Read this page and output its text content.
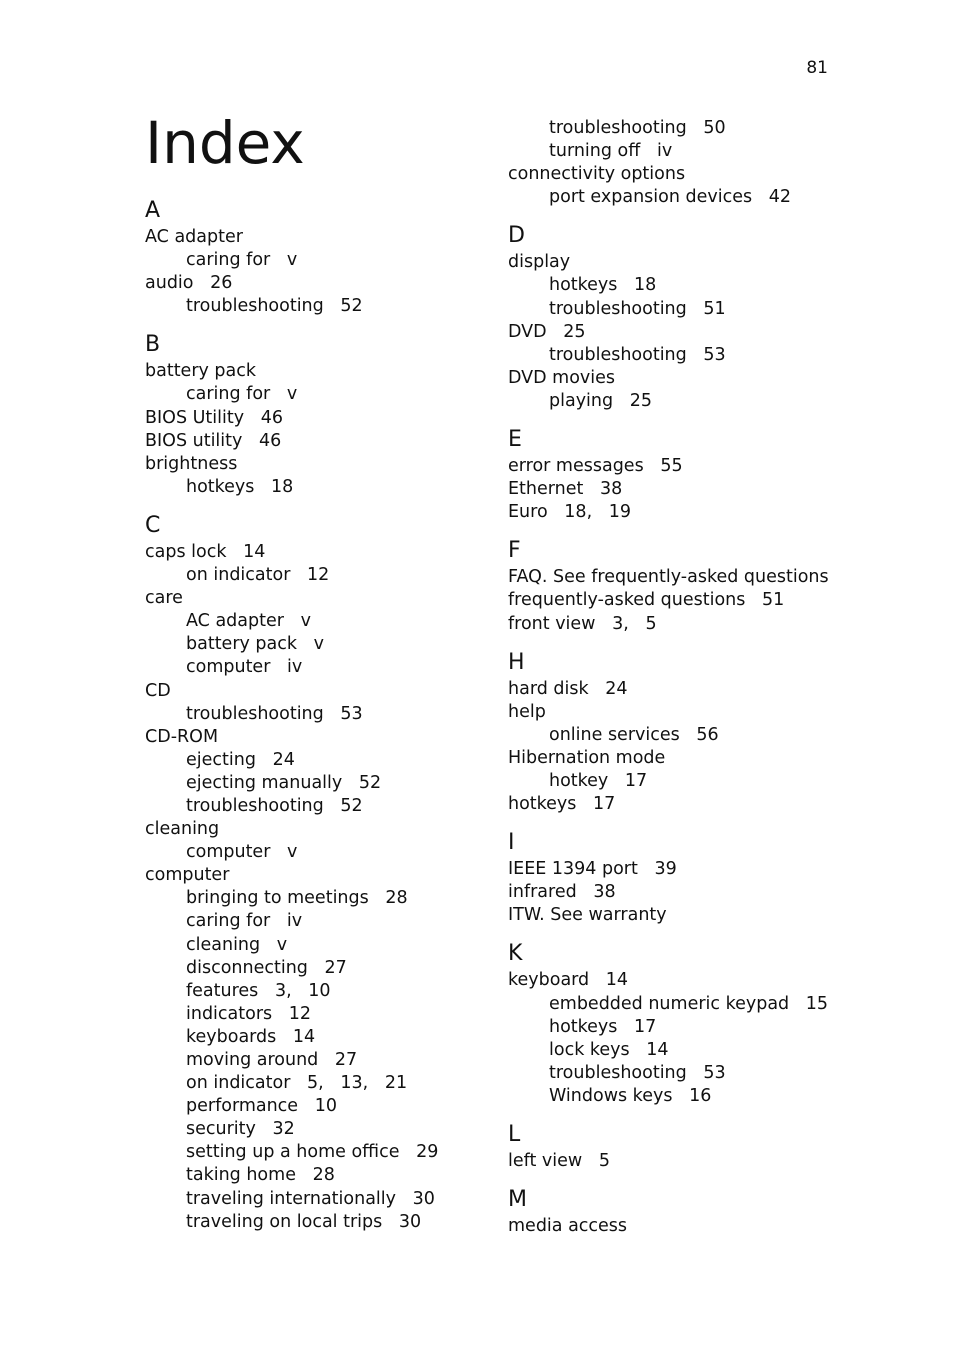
81
Index
A
AC adapter
caring for v
audio 26
troubleshooting 52
B
battery pack
caring for v
BIOS Utility 46
BIOS utility 46
brightness
hotkeys 18
C
caps lock 14
on indicator 12
care
AC adapter v
battery pack v
computer iv
CD
troubleshooting 53
CD-ROM
ejecting 24
ejecting manually 52
troubleshooting 52
cleaning
computer v
computer
bringing to meetings 28
caring for iv
cleaning v
disconnecting 27
features 3, 10
indicators 12
keyboards 14
moving around 27
on indicator 5, 13, 21
performance 10
security 32
setting up a home office 29
taking home 28
traveling internationally 30
traveling on local trips 30
troubleshooting 50
turning off iv
connectivity options
port expansion devices 42
D
display
hotkeys 18
troubleshooting 51
DVD 25
troubleshooting 53
DVD movies
playing 25
E
error messages 55
Ethernet 38
Euro 18, 19
F
FAQ. See frequently-asked questions
frequently-asked questions 51
front view 3, 5
H
hard disk 24
help
online services 56
Hibernation mode
hotkey 17
hotkeys 17
I
IEEE 1394 port 39
infrared 38
ITW. See warranty
K
keyboard 14
embedded numeric keypad 15
hotkeys 17
lock keys 14
troubleshooting 53
Windows keys 16
L
left view 5
M
media access
